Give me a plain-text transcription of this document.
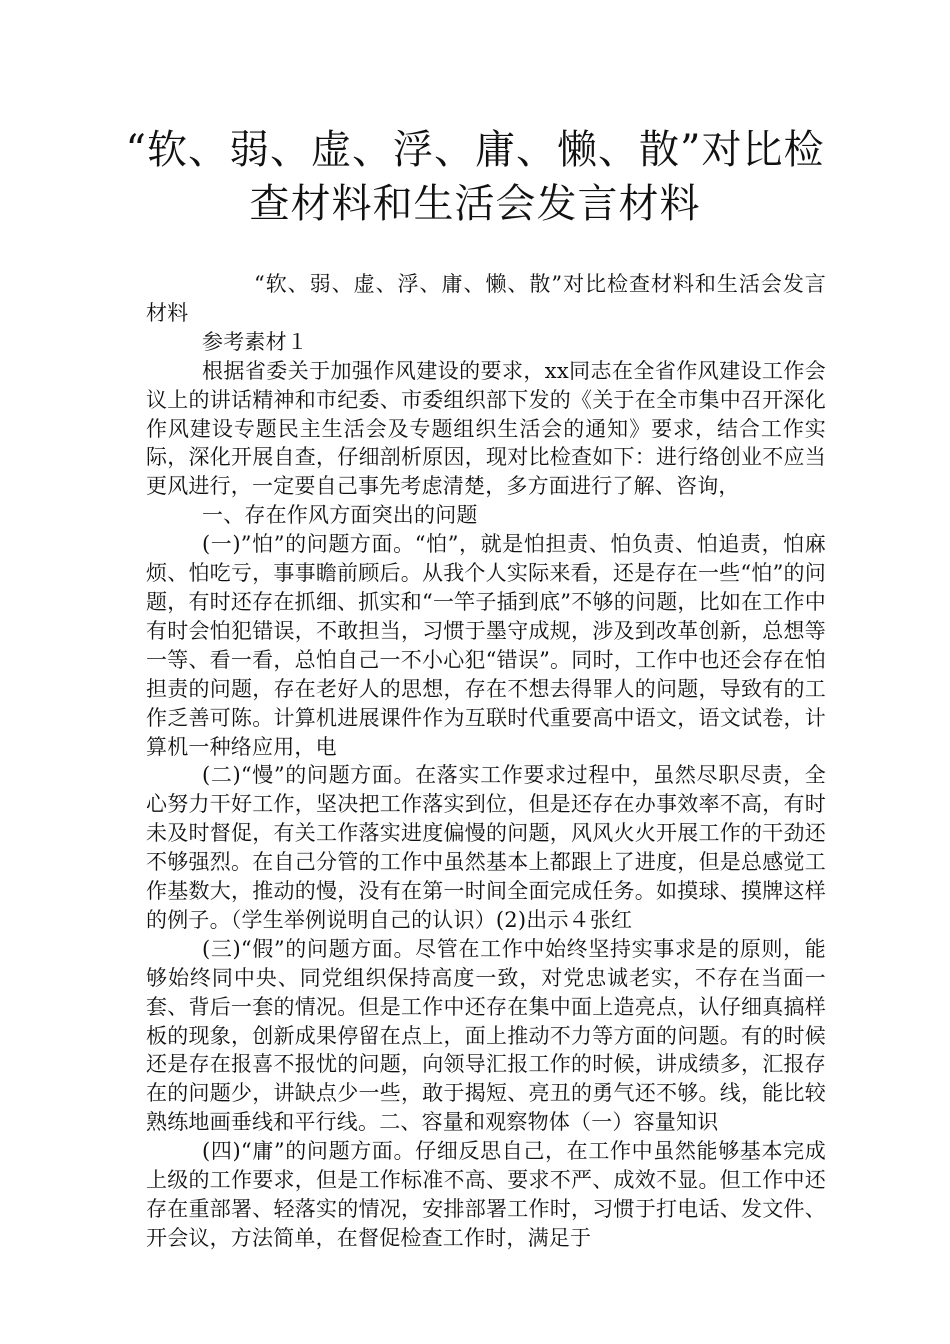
“软、弱、虚、浮、庸、懒、散”对比检
查材料和生活会发言材料

“软、弱、虚、浮、庸、懒、散”对比检查材料和生活会发言材料

参考素材１

根据省委关于加强作风建设的要求，xx同志在全省作风建设工作会议上的讲话精神和市纪委、市委组织部下发的《关于在全市集中召开深化作风建设专题民主生活会及专题组织生活会的通知》要求，结合工作实际，深化开展自查，仔细剖析原因，现对比检查如下：进行络创业不应当更风进行，一定要自己事先考虑清楚，多方面进行了解、咨询，

一、存在作风方面突出的问题

(一)”怕”的问题方面。“怕”，就是怕担责、怕负责、怕追责，怕麻烦、怕吃亏，事事瞻前顾后。从我个人实际来看，还是存在一些“怕”的问题，有时还存在抓细、抓实和“一竿子插到底”不够的问题，比如在工作中有时会怕犯错误，不敢担当，习惯于墨守成规，涉及到改革创新，总想等一等、看一看，总怕自己一不小心犯“错误”。同时，工作中也还会存在怕担责的问题，存在老好人的思想，存在不想去得罪人的问题，导致有的工作乏善可陈。计算机进展课件作为互联时代重要高中语文，语文试卷，计算机一种络应用，电

(二)“慢”的问题方面。在落实工作要求过程中，虽然尽职尽责，全心努力干好工作，坚决把工作落实到位，但是还存在办事效率不高，有时未及时督促，有关工作落实进度偏慢的问题，风风火火开展工作的干劲还不够强烈。在自己分管的工作中虽然基本上都跟上了进度，但是总感觉工作基数大，推动的慢，没有在第一时间全面完成任务。如摸球、摸牌这样的例子。（学生举例说明自己的认识）(2)出示４张红

(三)“假”的问题方面。尽管在工作中始终坚持实事求是的原则，能够始终同中央、同党组织保持高度一致，对党忠诚老实，不存在当面一套、背后一套的情况。但是工作中还存在集中面上造亮点，认仔细真搞样板的现象，创新成果停留在点上，面上推动不力等方面的问题。有的时候还是存在报喜不报忧的问题，向领导汇报工作的时候，讲成绩多，汇报存在的问题少，讲缺点少一些，敢于揭短、亮丑的勇气还不够。线，能比较熟练地画垂线和平行线。二、容量和观察物体（一）容量知识

(四)“庸”的问题方面。仔细反思自己，在工作中虽然能够基本完成上级的工作要求，但是工作标准不高、要求不严、成效不显。但工作中还存在重部署、轻落实的情况，安排部署工作时，习惯于打电话、发文件、开会议，方法简单，在督促检查工作时，满足于
